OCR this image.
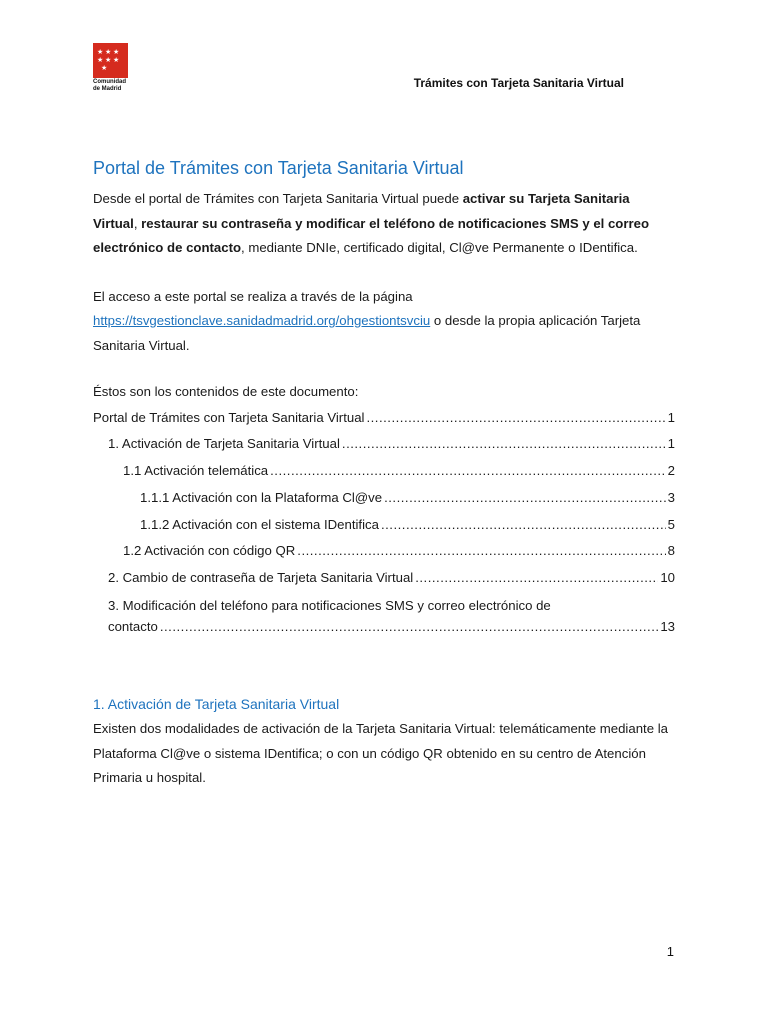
★ ★ ★
★ ★ ★
★
Comunidad
de Madrid	Trámites con Tarjeta Sanitaria Virtual
Portal de Trámites con Tarjeta Sanitaria Virtual

Desde el portal de Trámites con Tarjeta Sanitaria Virtual puede activar su Tarjeta Sanitaria Virtual, restaurar su contraseña y modificar el teléfono de notificaciones SMS y el correo electrónico de contacto, mediante DNIe, certificado digital, Cl@ve Permanente o IDentifica.

El acceso a este portal se realiza a través de la página https://tsvgestionclave.sanidadmadrid.org/ohgestiontsvciu o desde la propia aplicación Tarjeta Sanitaria Virtual.

Éstos son los contenidos de este documento:

Portal de Trámites con Tarjeta Sanitaria Virtual .....	1
1. Activación de Tarjeta Sanitaria Virtual .....	1
1.1 Activación telemática .....	2
1.1.1 Activación con la Plataforma Cl@ve .....	3
1.1.2 Activación con el sistema IDentifica .....	5
1.2 Activación con código QR .....	8
2. Cambio de contraseña de Tarjeta Sanitaria Virtual .....	10
3. Modificación del teléfono para notificaciones SMS y correo electrónico de
contacto .....	13
1. Activación de Tarjeta Sanitaria Virtual

Existen dos modalidades de activación de la Tarjeta Sanitaria Virtual: telemáticamente mediante la Plataforma Cl@ve o sistema IDentifica; o con un código QR obtenido en su centro de Atención Primaria u hospital.

1
